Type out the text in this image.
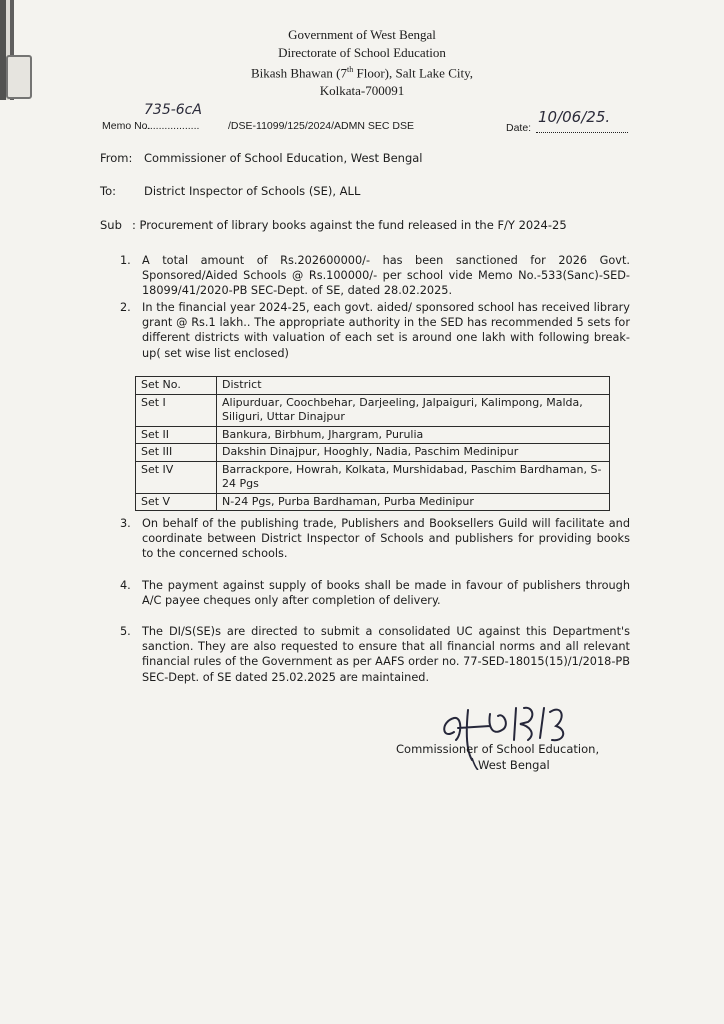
Government of West Bengal
Directorate of School Education
Bikash Bhawan (7th Floor), Salt Lake City,
Kolkata-700091
Memo No.
735-6cA
...................	/DSE-11099/125/2024/ADMN SEC DSE	Date:
10/06/25.
From: Commissioner of School Education, West Bengal
To: District Inspector of Schools (SE), ALL
Sub : Procurement of library books against the fund released in the F/Y 2024-25
1. A total amount of Rs.202600000/- has been sanctioned for 2026 Govt. Sponsored/Aided Schools @ Rs.100000/- per school vide Memo No.-533(Sanc)-SED-18099/41/2020-PB SEC-Dept. of SE, dated 28.02.2025.
2. In the financial year 2024-25, each govt. aided/ sponsored school has received library grant @ Rs.1 lakh.. The appropriate authority in the SED has recommended 5 sets for different districts with valuation of each set is around one lakh with following break-up( set wise list enclosed)
Set No.	District
Set I	Alipurduar, Coochbehar, Darjeeling, Jalpaiguri, Kalimpong, Malda, Siliguri, Uttar Dinajpur
Set II	Bankura, Birbhum, Jhargram, Purulia
Set III	Dakshin Dinajpur, Hooghly, Nadia, Paschim Medinipur
Set IV	Barrackpore, Howrah, Kolkata, Murshidabad, Paschim Bardhaman, S-24 Pgs
Set V	N-24 Pgs, Purba Bardhaman, Purba Medinipur
3. On behalf of the publishing trade, Publishers and Booksellers Guild will facilitate and coordinate between District Inspector of Schools and publishers for providing books to the concerned schools.
4. The payment against supply of books shall be made in favour of publishers through A/C payee cheques only after completion of delivery.
5. The DI/S(SE)s are directed to submit a consolidated UC against this Department's sanction. They are also requested to ensure that all financial norms and all relevant financial rules of the Government as per AAFS order no. 77-SED-18015(15)/1/2018-PB SEC-Dept. of SE dated 25.02.2025 are maintained.
Commissioner of School Education,
West Bengal
